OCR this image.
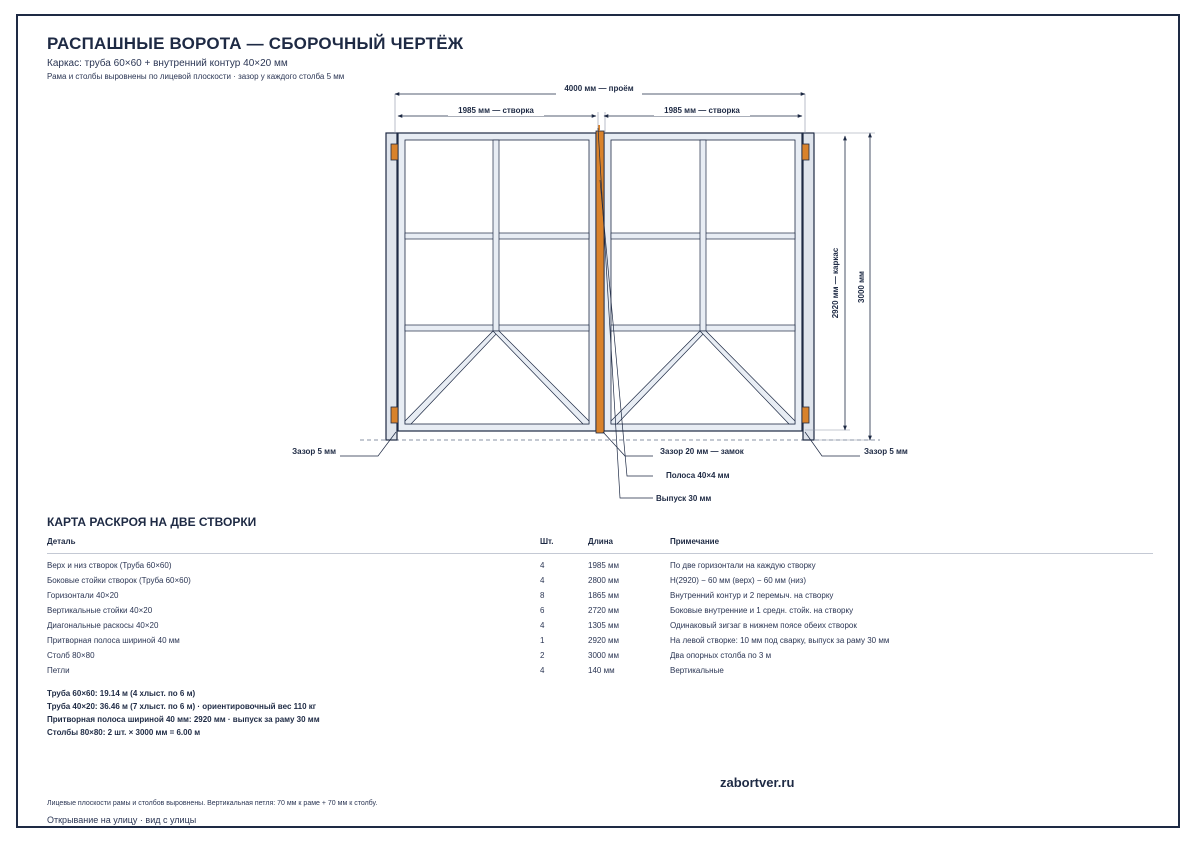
РАСПАШНЫЕ ВОРОТА — СБОРОЧНЫЙ ЧЕРТЁЖ
Каркас: труба 60×60 + внутренний контур 40×20 мм
Рама и столбы выровнены по лицевой плоскости · зазор у каждого столба 5 мм
4000 мм — проём
1985 мм — створка	1985 мм — створка
2920 мм — каркас 3000 мм
Зазор 5 мм	Зазор 5 мм
Зазор 20 мм — замок
Полоса 40×4 мм
Выпуск 30 мм
КАРТА РАСКРОЯ НА ДВЕ СТВОРКИ
Деталь	Шт.	Длина	Примечание
Верх и низ створок (Труба 60×60)	4	1985 мм	По две горизонтали на каждую створку
Боковые стойки створок (Труба 60×60)	4	2800 мм	H(2920) − 60 мм (верх) − 60 мм (низ)
Горизонтали 40×20	8	1865 мм	Внутренний контур и 2 перемыч. на створку
Вертикальные стойки 40×20	6	2720 мм	Боковые внутренние и 1 средн. стойк. на створку
Диагональные раскосы 40×20	4	1305 мм	Одинаковый зигзаг в нижнем поясе обеих створок
Притворная полоса шириной 40 мм	1	2920 мм	На левой створке: 10 мм под сварку, выпуск за раму 30 мм
Столб 80×80	2	3000 мм	Два опорных столба по 3 м
Петли	4	140 мм	Вертикальные
Труба 60×60: 19.14 м (4 хлыст. по 6 м)
Труба 40×20: 36.46 м (7 хлыст. по 6 м) · ориентировочный вес 110 кг
Притворная полоса шириной 40 мм: 2920 мм · выпуск за раму 30 мм
Столбы 80×80: 2 шт. × 3000 мм = 6.00 м
zabortver.ru
Лицевые плоскости рамы и столбов выровнены. Вертикальная петля: 70 мм к раме + 70 мм к столбу.
Открывание на улицу · вид с улицы
